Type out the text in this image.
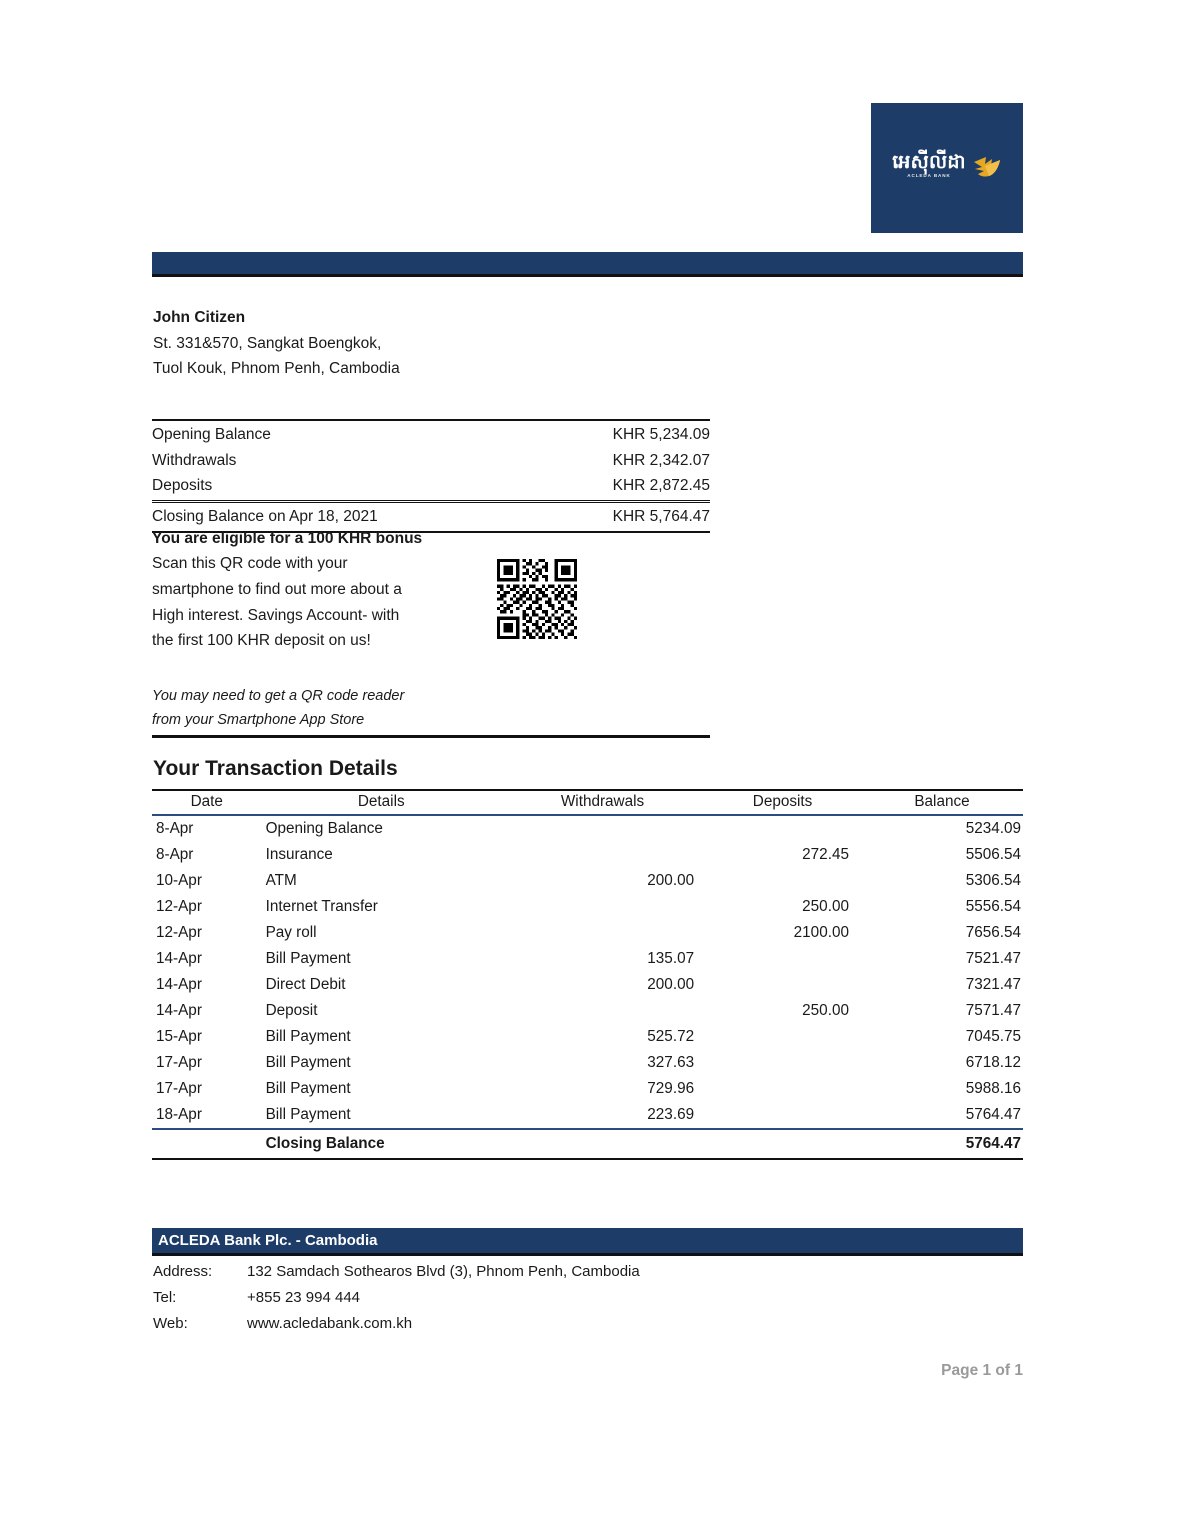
អេស៊ីលីដា
ACLEDA BANK
John Citizen
St. 331&570, Sangkat Boengkok,
Tuol Kouk, Phnom Penh, Cambodia
Opening Balance	KHR 5,234.09
Withdrawals	KHR 2,342.07
Deposits	KHR 2,872.45
Closing Balance on Apr 18, 2021	KHR 5,764.47
You are eligible for a 100 KHR bonus
Scan this QR code with your
smartphone to find out more about a
High interest. Savings Account- with
the first 100 KHR deposit on us!
You may need to get a QR code reader
from your Smartphone App Store
Your Transaction Details
Date	Details	Withdrawals	Deposits	Balance
8-Apr	Opening Balance			5234.09
8-Apr	Insurance		272.45	5506.54
10-Apr	ATM	200.00		5306.54
12-Apr	Internet Transfer		250.00	5556.54
12-Apr	Pay roll		2100.00	7656.54
14-Apr	Bill Payment	135.07		7521.47
14-Apr	Direct Debit	200.00		7321.47
14-Apr	Deposit		250.00	7571.47
15-Apr	Bill Payment	525.72		7045.75
17-Apr	Bill Payment	327.63		6718.12
17-Apr	Bill Payment	729.96		5988.16
18-Apr	Bill Payment	223.69		5764.47
	Closing Balance			5764.47
ACLEDA Bank Plc. - Cambodia
Address:	132 Samdach Sothearos Blvd (3), Phnom Penh, Cambodia
Tel:	+855 23 994 444
Web:	www.acledabank.com.kh
Page 1 of 1
